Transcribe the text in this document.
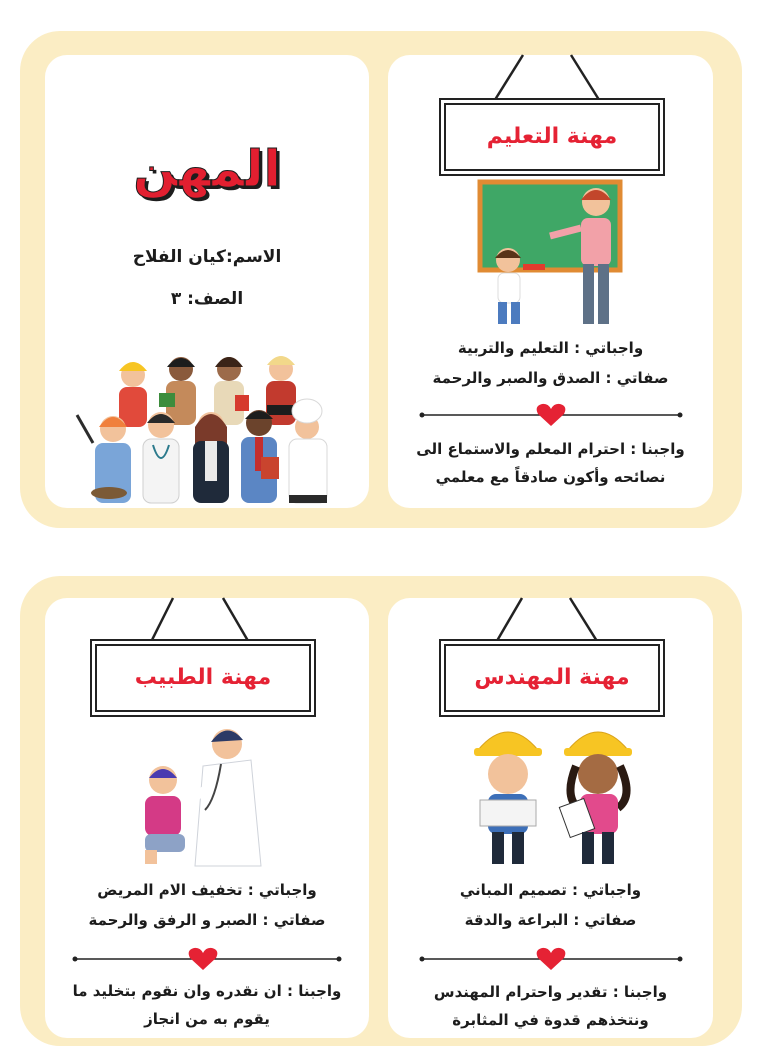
المهن
الاسم:كيان الفلاح
الصف: ٣
مهنة التعليم
واجباتي : التعليم والتربية
صفاتي : الصدق والصبر والرحمة
واجبنا : احترام المعلم والاستماع الى
نصائحه وأكون صادقاً مع معلمي
مهنة الطبيب
واجباتي : تخفيف الام المريض
صفاتي : الصبر و الرفق والرحمة
واجبنا : ان نقدره وان نقوم بتخليد ما
يقوم به من انجاز
مهنة المهندس
واجباتي : تصميم المباني
صفاتي : البراعة والدقة
واجبنا : تقدير واحترام المهندس
ونتخذهم قدوة في المثابرة
